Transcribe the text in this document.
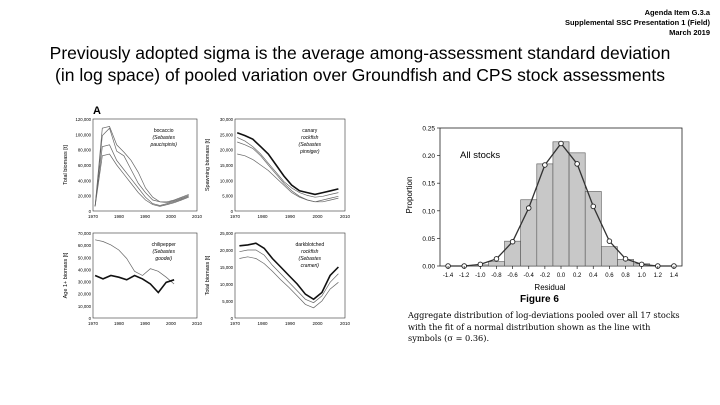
Agenda Item G.3.a
Supplemental SSC Presentation 1 (Field)
March 2019
Previously adopted sigma is the average among-assessment standard deviation
(in log space) of pooled variation over Groundfish and CPS stock assessments
A
0
20,000
40,000
60,000
80,000
100,000
120,000
1970	1980	1990	2000	2010
Total biomass [t]
bocaccio
(Sebastes
paucispinis)
0
5,000
10,000
15,000
20,000
25,000
30,000
1970	1980	1990	2000	2010
Spawning biomass [t]
canary
rockfish
(Sebastes
pinniger)
0
10,000
20,000
30,000
40,000
50,000
60,000
70,000
1970	1980	1990	2000	2010
Age 1+ biomass [t]
chilipepper
(Sebastes
goodei)
0
5,000
10,000
15,000
20,000
25,000
1970	1980	1990	2000	2010
Total biomass [t]
darkblotched
rockfish
(Sebastes
crameri)	0.00
0.05
0.10
0.15
0.20
0.25
-1.4 -1.2 -1.0 -0.8 -0.6 -0.4 -0.2 0.0 0.2 0.4 0.6 0.8 1.0 1.2 1.4
All stocks
Residual
Proportion
Figure 6
Aggregate distribution of log-deviations pooled over all 17 stocks
with the fit of a normal distribution shown as the line with
symbols (σ = 0.36).
